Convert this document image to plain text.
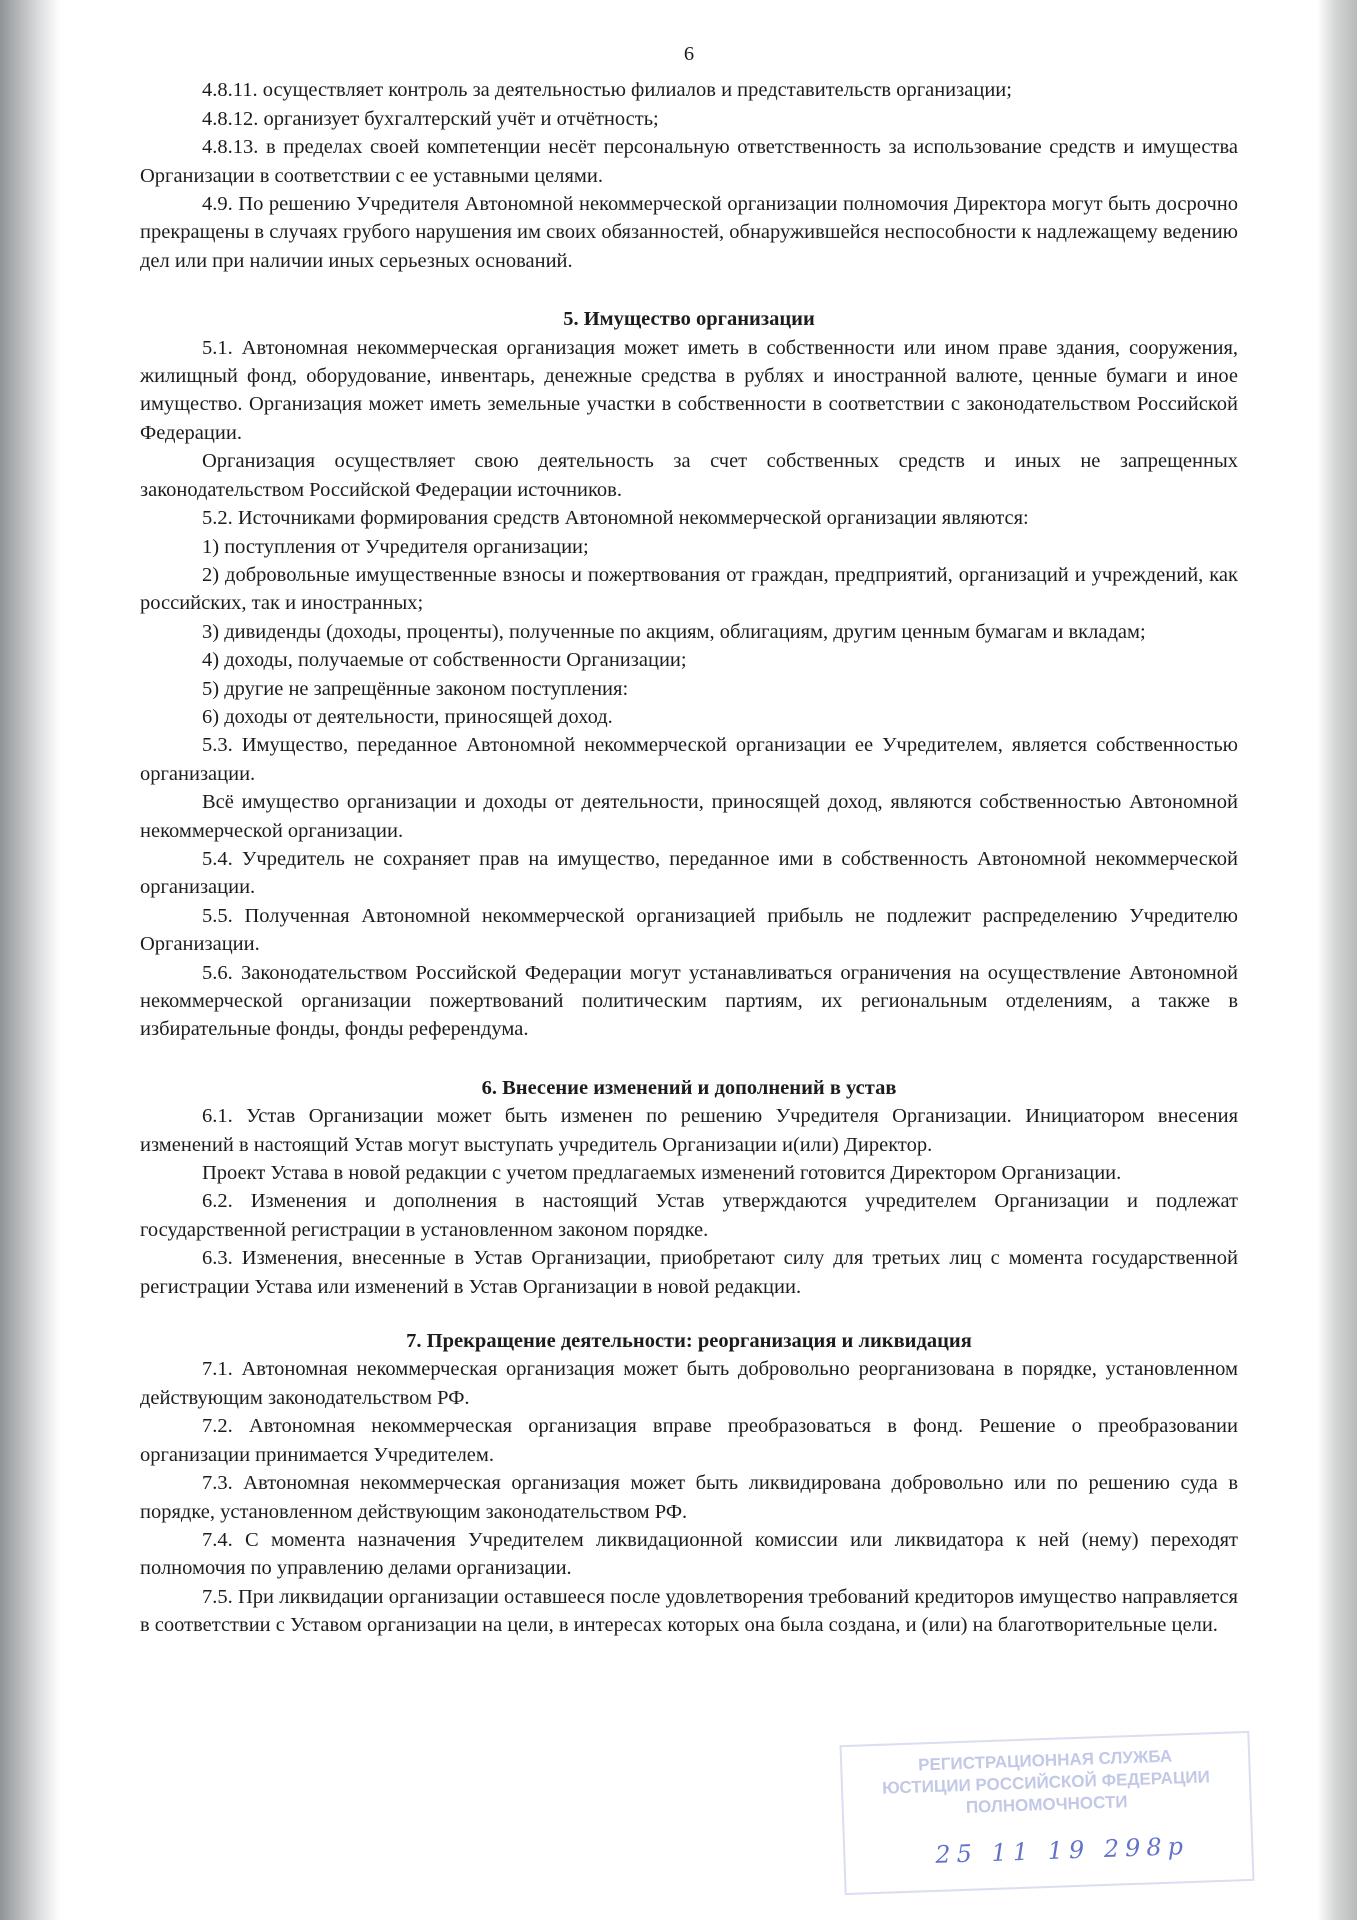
6
4.8.11. осуществляет контроль за деятельностью филиалов и представительств организации;
4.8.12. организует бухгалтерский учёт и отчётность;
4.8.13. в пределах своей компетенции несёт персональную ответственность за использование средств и имущества Организации в соответствии с ее уставными целями.
4.9. По решению Учредителя Автономной некоммерческой организации полномочия Директора могут быть досрочно прекращены в случаях грубого нарушения им своих обязанностей, обнаружившейся неспособности к надлежащему ведению дел или при наличии иных серьезных оснований.
5. Имущество организации
5.1. Автономная некоммерческая организация может иметь в собственности или ином праве здания, сооружения, жилищный фонд, оборудование, инвентарь, денежные средства в рублях и иностранной валюте, ценные бумаги и иное имущество. Организация может иметь земельные участки в собственности в соответствии с законодательством Российской Федерации.
Организация осуществляет свою деятельность за счет собственных средств и иных не запрещенных законодательством Российской Федерации источников.
5.2. Источниками формирования средств Автономной некоммерческой организации являются:
1) поступления от Учредителя организации;
2) добровольные имущественные взносы и пожертвования от граждан, предприятий, организаций и учреждений, как российских, так и иностранных;
3) дивиденды (доходы, проценты), полученные по акциям, облигациям, другим ценным бумагам и вкладам;
4) доходы, получаемые от собственности Организации;
5) другие не запрещённые законом поступления:
6) доходы от деятельности, приносящей доход.
5.3. Имущество, переданное Автономной некоммерческой организации ее Учредителем, является собственностью организации.
Всё имущество организации и доходы от деятельности, приносящей доход, являются собственностью Автономной некоммерческой организации.
5.4. Учредитель не сохраняет прав на имущество, переданное ими в собственность Автономной некоммерческой организации.
5.5. Полученная Автономной некоммерческой организацией прибыль не подлежит распределению Учредителю Организации.
5.6. Законодательством Российской Федерации могут устанавливаться ограничения на осуществление Автономной некоммерческой организации пожертвований политическим партиям, их региональным отделениям, а также в избирательные фонды, фонды референдума.
6. Внесение изменений и дополнений в устав
6.1. Устав Организации может быть изменен по решению Учредителя Организации. Инициатором внесения изменений в настоящий Устав могут выступать учредитель Организации и(или) Директор.
Проект Устава в новой редакции с учетом предлагаемых изменений готовится Директором Организации.
6.2. Изменения и дополнения в настоящий Устав утверждаются учредителем Организации и подлежат государственной регистрации в установленном законом порядке.
6.3. Изменения, внесенные в Устав Организации, приобретают силу для третьих лиц с момента государственной регистрации Устава или изменений в Устав Организации в новой редакции.
7. Прекращение деятельности: реорганизация и ликвидация
7.1. Автономная некоммерческая организация может быть добровольно реорганизована в порядке, установленном действующим законодательством РФ.
7.2. Автономная некоммерческая организация вправе преобразоваться в фонд. Решение о преобразовании организации принимается Учредителем.
7.3. Автономная некоммерческая организация может быть ликвидирована добровольно или по решению суда в порядке, установленном действующим законодательством РФ.
7.4. С момента назначения Учредителем ликвидационной комиссии или ликвидатора к ней (нему) переходят полномочия по управлению делами организации.
7.5. При ликвидации организации оставшееся после удовлетворения требований кредиторов имущество направляется в соответствии с Уставом организации на цели, в интересах которых она была создана, и (или) на благотворительные цели.
РЕГИСТРАЦИОННАЯ СЛУЖБА
ЮСТИЦИИ РОССИЙСКОЙ ФЕДЕРАЦИИ
ПОЛНОМОЧНОСТИ
25 11 19 298р
